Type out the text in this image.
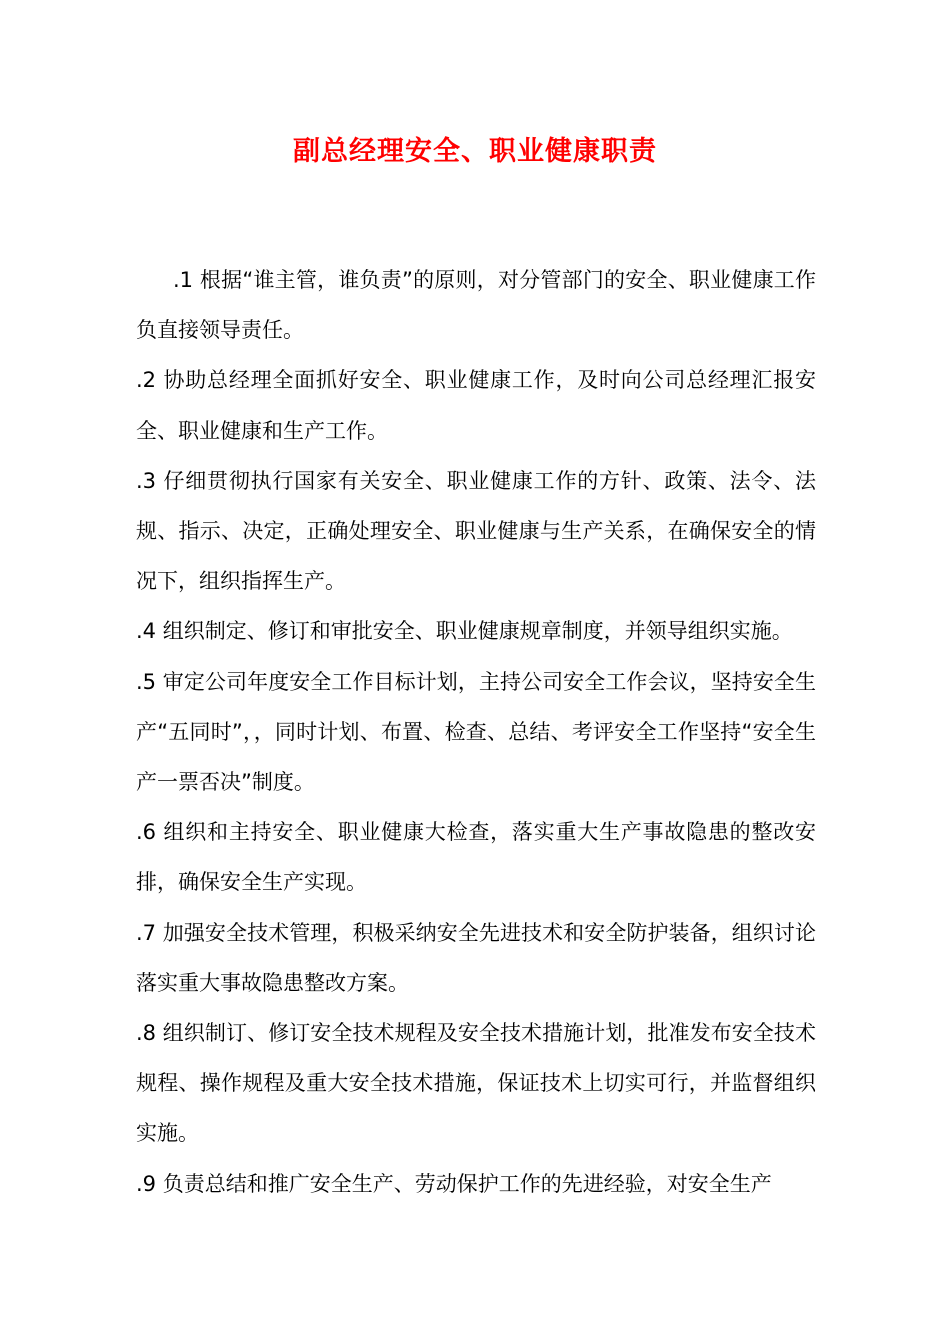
副总经理安全、职业健康职责

.1 根据“谁主管，谁负责”的原则，对分管部门的安全、职业健康工作负直接领导责任。

.2 协助总经理全面抓好安全、职业健康工作，及时向公司总经理汇报安全、职业健康和生产工作。

.3 仔细贯彻执行国家有关安全、职业健康工作的方针、政策、法令、法规、指示、决定，正确处理安全、职业健康与生产关系，在确保安全的情况下，组织指挥生产。

.4 组织制定、修订和审批安全、职业健康规章制度，并领导组织实施。

.5 审定公司年度安全工作目标计划，主持公司安全工作会议，坚持安全生产“五同时”，，同时计划、布置、检查、总结、考评安全工作坚持“安全生产一票否决”制度。

.6 组织和主持安全、职业健康大检查，落实重大生产事故隐患的整改安排，确保安全生产实现。

.7 加强安全技术管理，积极采纳安全先进技术和安全防护装备，组织讨论落实重大事故隐患整改方案。

.8 组织制订、修订安全技术规程及安全技术措施计划，批准发布安全技术规程、操作规程及重大安全技术措施，保证技术上切实可行，并监督组织实施。

.9 负责总结和推广安全生产、劳动保护工作的先进经验，对安全生产
